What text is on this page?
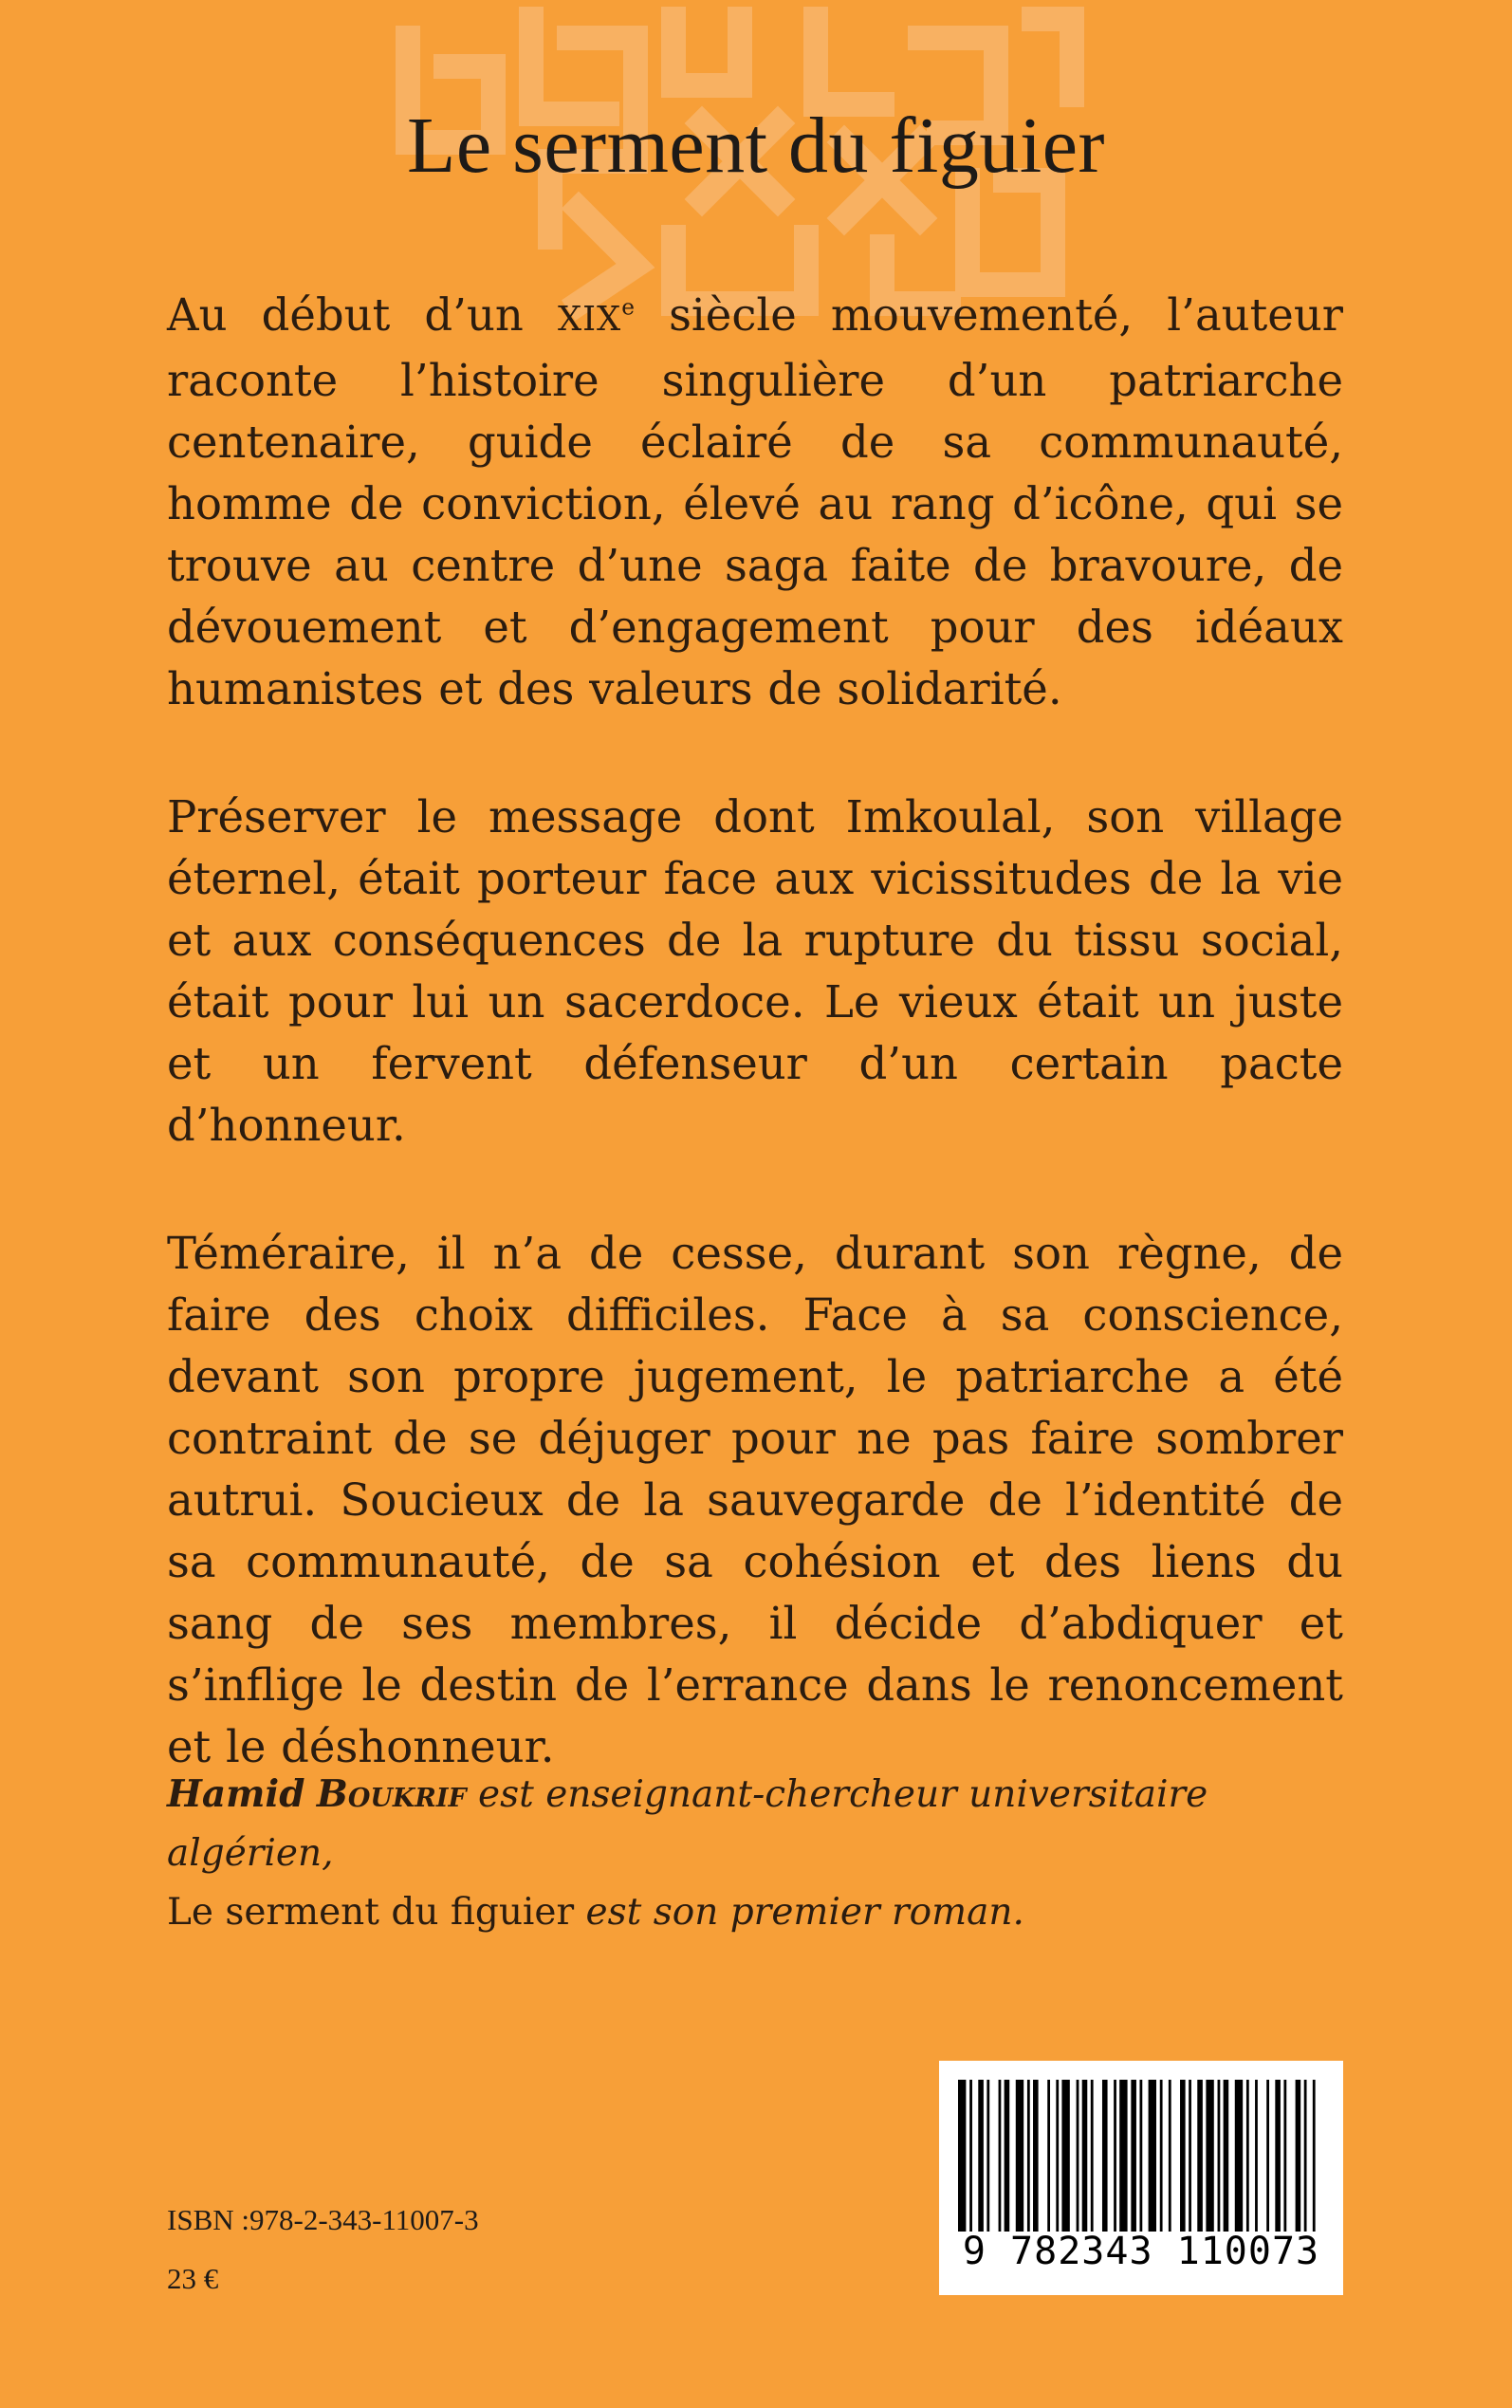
Le serment du figuier

Au début d’un XIXe siècle mouvementé, l’auteur raconte l’histoire singulière d’un patriarche centenaire, guide éclairé de sa communauté, homme de conviction, élevé au rang d’icône, qui se trouve au centre d’une saga faite de bravoure, de dévouement et d’engagement pour des idéaux humanistes et des valeurs de solidarité.

Préserver le message dont Imkoulal, son village éternel, était porteur face aux vicissitudes de la vie et aux conséquences de la rupture du tissu social, était pour lui un sacerdoce. Le vieux était un juste et un fervent défenseur d’un certain pacte d’honneur.

Téméraire, il n’a de cesse, durant son règne, de faire des choix difficiles. Face à sa conscience, devant son propre jugement, le patriarche a été contraint de se déjuger pour ne pas faire sombrer autrui. Soucieux de la sauvegarde de l’identité de sa communauté, de sa cohésion et des liens du sang de ses membres, il décide d’abdiquer et s’inflige le destin de l’errance dans le renoncement et le déshonneur.

Hamid Boukrif est enseignant-chercheur universitaire algérien,
Le serment du figuier est son premier roman.
9 782343 110073
ISBN :978-2-343-11007-3
23 €
